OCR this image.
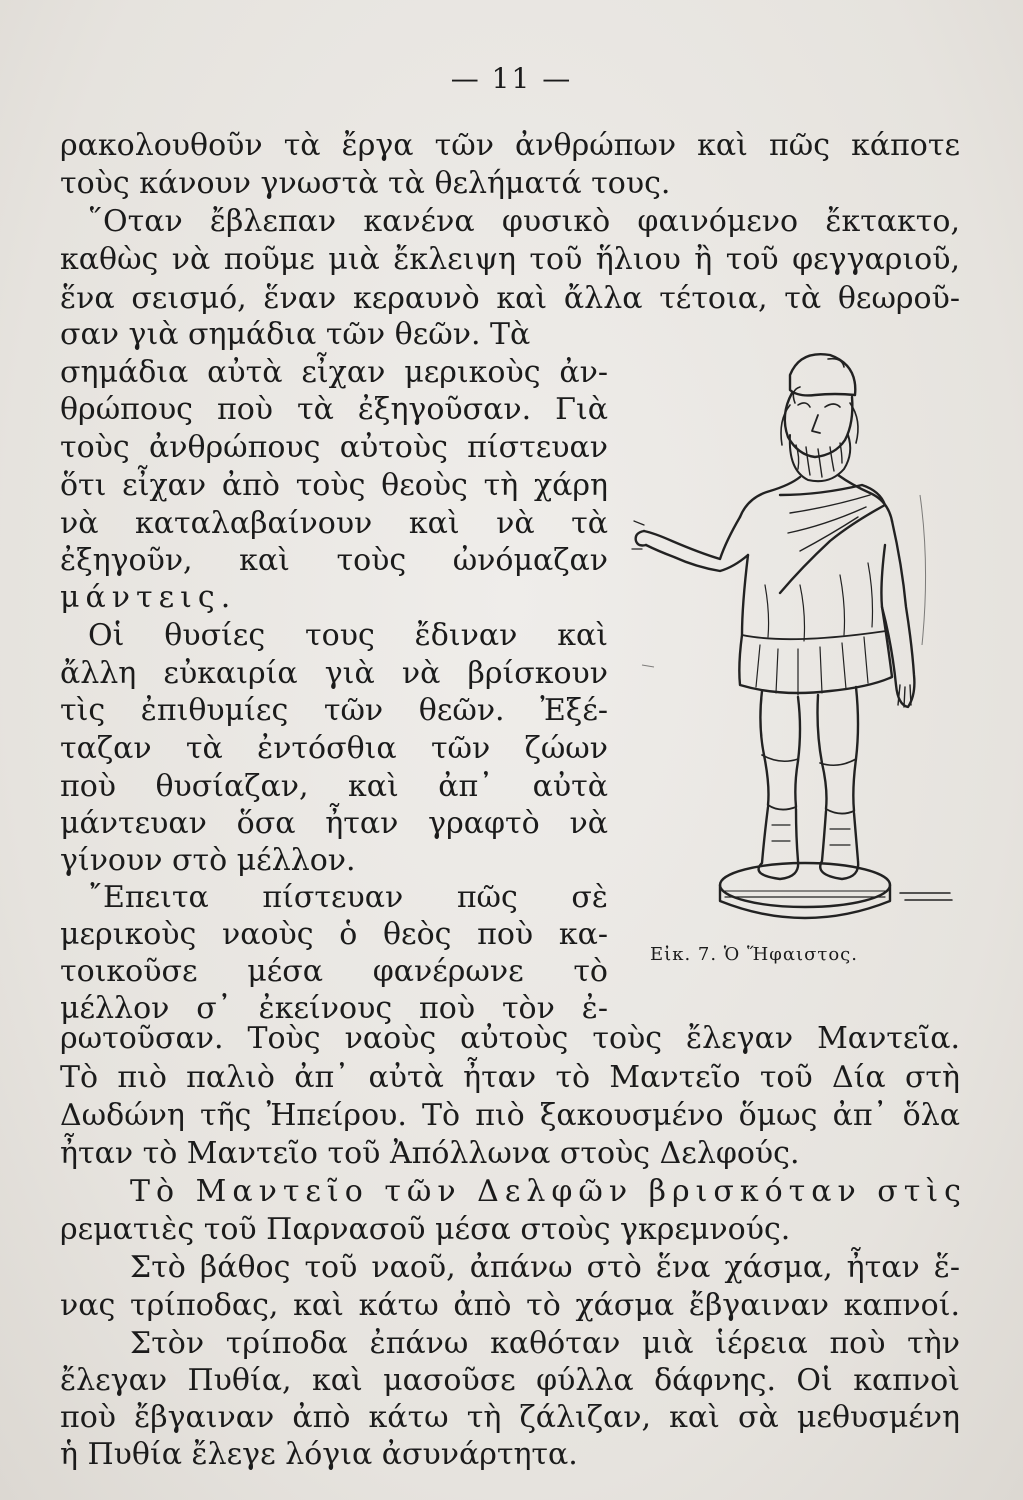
— 11 —
ρακολουθοῦν τὰ ἔργα τῶν ἀνθρώπων καὶ πῶς κάποτε
τοὺς κάνουν γνωστὰ τὰ θελήματά τους.
῞Οταν ἔβλεπαν κανένα φυσικὸ φαινόμενο ἔκτακτο,
καθὼς νὰ ποῦμε μιὰ ἔκλειψη τοῦ ἥλιου ἢ τοῦ φεγγαριοῦ,
ἕνα σεισμό, ἕναν κεραυνὸ καὶ ἄλλα τέτοια, τὰ θεωροῦ-
σαν γιὰ σημάδια τῶν θεῶν. Τὰ
σημάδια αὐτὰ εἶχαν μερικοὺς ἀν-
θρώπους ποὺ τὰ ἐξηγοῦσαν. Γιὰ
τοὺς ἀνθρώπους αὐτοὺς πίστευαν
ὅτι εἶχαν ἀπὸ τοὺς θεοὺς τὴ χάρη
νὰ καταλαβαίνουν καὶ νὰ τὰ
ἐξηγοῦν, καὶ τοὺς ὠνόμαζαν
μάντεις.
Οἱ θυσίες τους ἔδιναν καὶ
ἄλλη εὐκαιρία γιὰ νὰ βρίσκουν
τὶς ἐπιθυμίες τῶν θεῶν. Ἐξέ-
ταζαν τὰ ἐντόσθια τῶν ζώων
ποὺ θυσίαζαν, καὶ ἀπ᾽ αὐτὰ
μάντευαν ὅσα ἦταν γραφτὸ νὰ
γίνουν στὸ μέλλον.
῎Επειτα πίστευαν πῶς σὲ
μερικοὺς ναοὺς ὁ θεὸς ποὺ κα-
τοικοῦσε μέσα φανέρωνε τὸ
μέλλον σ᾽ ἐκείνους ποὺ τὸν ἐ-
Εἰκ. 7. Ὁ Ἥφαιστος.
ρωτοῦσαν. Τοὺς ναοὺς αὐτοὺς τοὺς ἔλεγαν Μαντεῖα.
Τὸ πιὸ παλιὸ ἀπ᾽ αὐτὰ ἦταν τὸ Μαντεῖο τοῦ Δία στὴ
Δωδώνη τῆς Ἠπείρου. Τὸ πιὸ ξακουσμένο ὅμως ἀπ᾽ ὅλα
ἦταν τὸ Μαντεῖο τοῦ Ἀπόλλωνα στοὺς Δελφούς.
Τὸ Μαντεῖο τῶν Δελφῶν βρισκόταν στὶς
ρεματιὲς τοῦ Παρνασοῦ μέσα στοὺς γκρεμνούς.
Στὸ βάθος τοῦ ναοῦ, ἀπάνω στὸ ἕνα χάσμα, ἦταν ἕ-
νας τρίποδας, καὶ κάτω ἀπὸ τὸ χάσμα ἔβγαιναν καπνοί.
Στὸν τρίποδα ἐπάνω καθόταν μιὰ ἱέρεια ποὺ τὴν
ἔλεγαν Πυθία, καὶ μασοῦσε φύλλα δάφνης. Οἱ καπνοὶ
ποὺ ἔβγαιναν ἀπὸ κάτω τὴ ζάλιζαν, καὶ σὰ μεθυσμένη
ἡ Πυθία ἔλεγε λόγια ἀσυνάρτητα.
